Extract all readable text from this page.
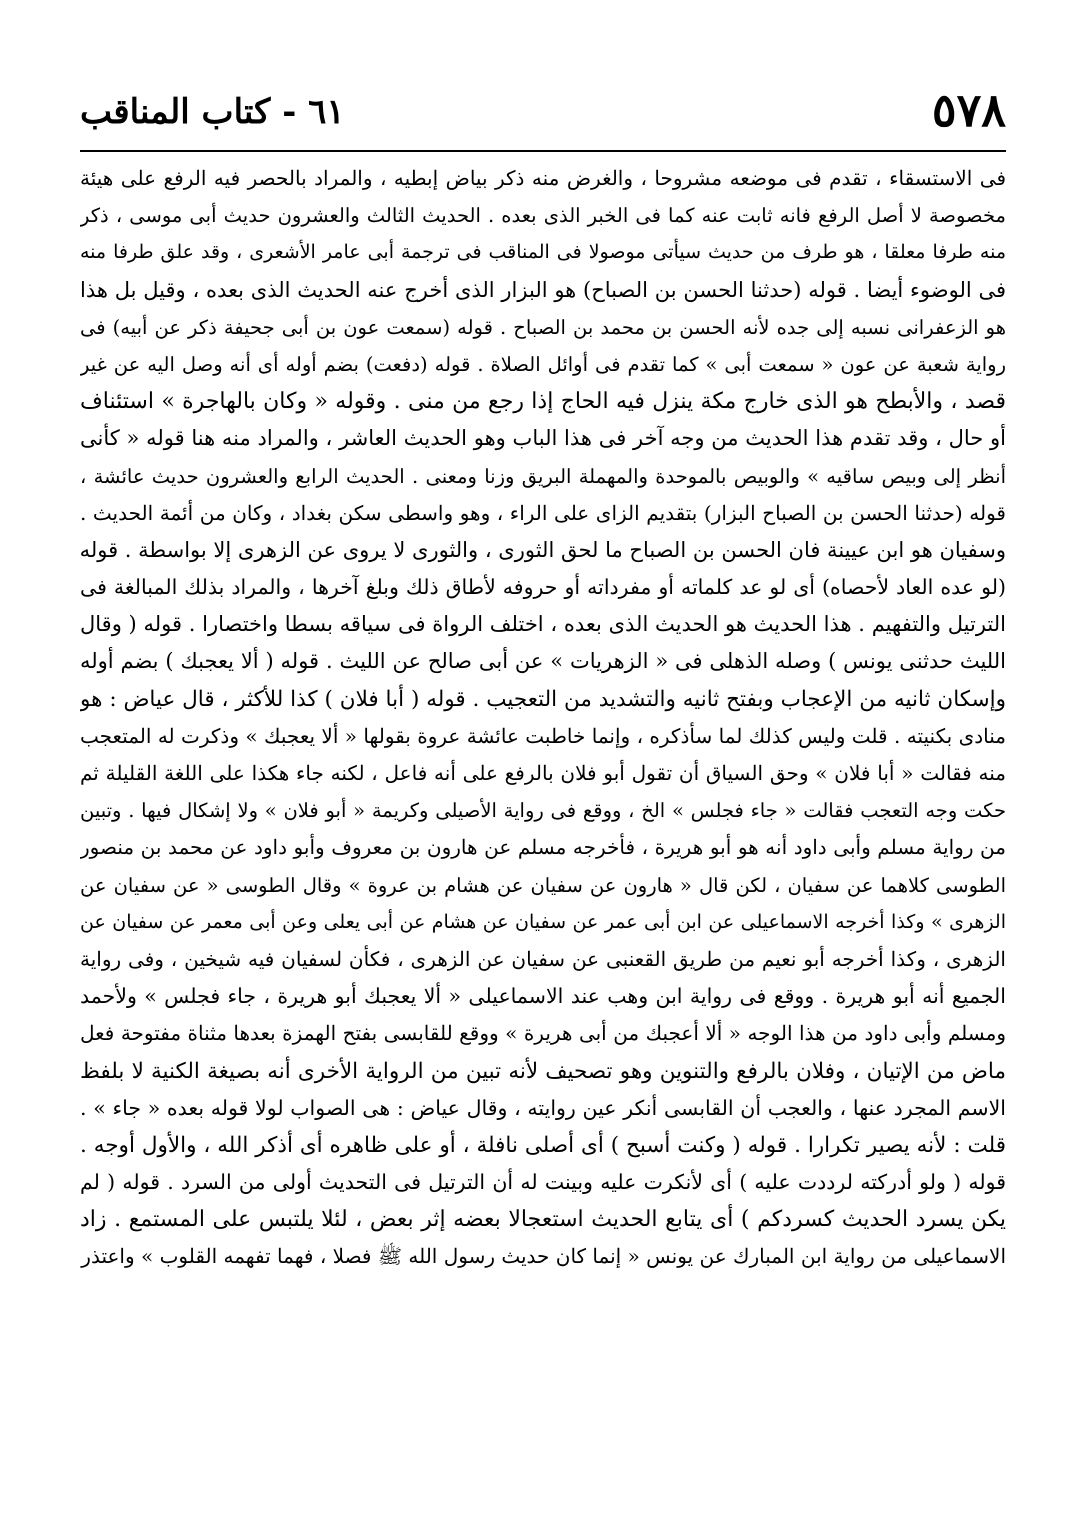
٥٧٨
٦١ - كتاب المناقب
فى الاستسقاء ، تقدم فى موضعه مشروحا ، والغرض منه ذكر بياض إبطيه ، والمراد بالحصر فيه الرفع على هيئة
مخصوصة لا أصل الرفع فانه ثابت عنه كما فى الخبر الذى بعده . الحديث الثالث والعشرون حديث أبى موسى ، ذكر
منه طرفا معلقا ، هو طرف من حديث سيأتى موصولا فى المناقب فى ترجمة أبى عامر الأشعرى ، وقد علق طرفا منه
فى الوضوء أيضا . قوله (حدثنا الحسن بن الصباح) هو البزار الذى أخرج عنه الحديث الذى بعده ، وقيل بل هذا
هو الزعفرانى نسبه إلى جده لأنه الحسن بن محمد بن الصباح . قوله (سمعت عون بن أبى جحيفة ذكر عن أبيه) فى
رواية شعبة عن عون « سمعت أبى » كما تقدم فى أوائل الصلاة . قوله (دفعت) بضم أوله أى أنه وصل اليه عن غير
قصد ، والأبطح هو الذى خارج مكة ينزل فيه الحاج إذا رجع من منى . وقوله « وكان بالهاجرة » استئناف
أو حال ، وقد تقدم هذا الحديث من وجه آخر فى هذا الباب وهو الحديث العاشر ، والمراد منه هنا قوله « كأنى
أنظر إلى وبيص ساقيه » والوبيص بالموحدة والمهملة البريق وزنا ومعنى . الحديث الرابع والعشرون حديث عائشة ،
قوله (حدثنا الحسن بن الصباح البزار) بتقديم الزاى على الراء ، وهو واسطى سكن بغداد ، وكان من أئمة الحديث .
وسفيان هو ابن عيينة فان الحسن بن الصباح ما لحق الثورى ، والثورى لا يروى عن الزهرى إلا بواسطة . قوله
(لو عده العاد لأحصاه) أى لو عد كلماته أو مفرداته أو حروفه لأطاق ذلك وبلغ آخرها ، والمراد بذلك المبالغة فى
الترتيل والتفهيم . هذا الحديث هو الحديث الذى بعده ، اختلف الرواة فى سياقه بسطا واختصارا . قوله ( وقال
الليث حدثنى يونس ) وصله الذهلى فى « الزهريات » عن أبى صالح عن الليث . قوله ( ألا يعجبك ) بضم أوله
وإسكان ثانيه من الإعجاب وبفتح ثانيه والتشديد من التعجيب . قوله ( أبا فلان ) كذا للأكثر ، قال عياض : هو
منادى بكنيته . قلت وليس كذلك لما سأذكره ، وإنما خاطبت عائشة عروة بقولها « ألا يعجبك » وذكرت له المتعجب
منه فقالت « أبا فلان » وحق السياق أن تقول أبو فلان بالرفع على أنه فاعل ، لكنه جاء هكذا على اللغة القليلة ثم
حكت وجه التعجب فقالت « جاء فجلس » الخ ، ووقع فى رواية الأصيلى وكريمة « أبو فلان » ولا إشكال فيها . وتبين
من رواية مسلم وأبى داود أنه هو أبو هريرة ، فأخرجه مسلم عن هارون بن معروف وأبو داود عن محمد بن منصور
الطوسى كلاهما عن سفيان ، لكن قال « هارون عن سفيان عن هشام بن عروة » وقال الطوسى « عن سفيان عن
الزهرى » وكذا أخرجه الاسماعيلى عن ابن أبى عمر عن سفيان عن هشام عن أبى يعلى وعن أبى معمر عن سفيان عن
الزهرى ، وكذا أخرجه أبو نعيم من طريق القعنبى عن سفيان عن الزهرى ، فكأن لسفيان فيه شيخين ، وفى رواية
الجميع أنه أبو هريرة . ووقع فى رواية ابن وهب عند الاسماعيلى « ألا يعجبك أبو هريرة ، جاء فجلس » ولأحمد
ومسلم وأبى داود من هذا الوجه « ألا أعجبك من أبى هريرة » ووقع للقابسى بفتح الهمزة بعدها مثناة مفتوحة فعل
ماض من الإتيان ، وفلان بالرفع والتنوين وهو تصحيف لأنه تبين من الرواية الأخرى أنه بصيغة الكنية لا بلفظ
الاسم المجرد عنها ، والعجب أن القابسى أنكر عين روايته ، وقال عياض : هى الصواب لولا قوله بعده « جاء » .
قلت : لأنه يصير تكرارا . قوله ( وكنت أسبح ) أى أصلى نافلة ، أو على ظاهره أى أذكر الله ، والأول أوجه .
قوله ( ولو أدركته لرددت عليه ) أى لأنكرت عليه وبينت له أن الترتيل فى التحديث أولى من السرد . قوله ( لم
يكن يسرد الحديث كسردكم ) أى يتابع الحديث استعجالا بعضه إثر بعض ، لئلا يلتبس على المستمع . زاد
الاسماعيلى من رواية ابن المبارك عن يونس « إنما كان حديث رسول الله ﷺ فصلا ، فهما تفهمه القلوب » واعتذر
